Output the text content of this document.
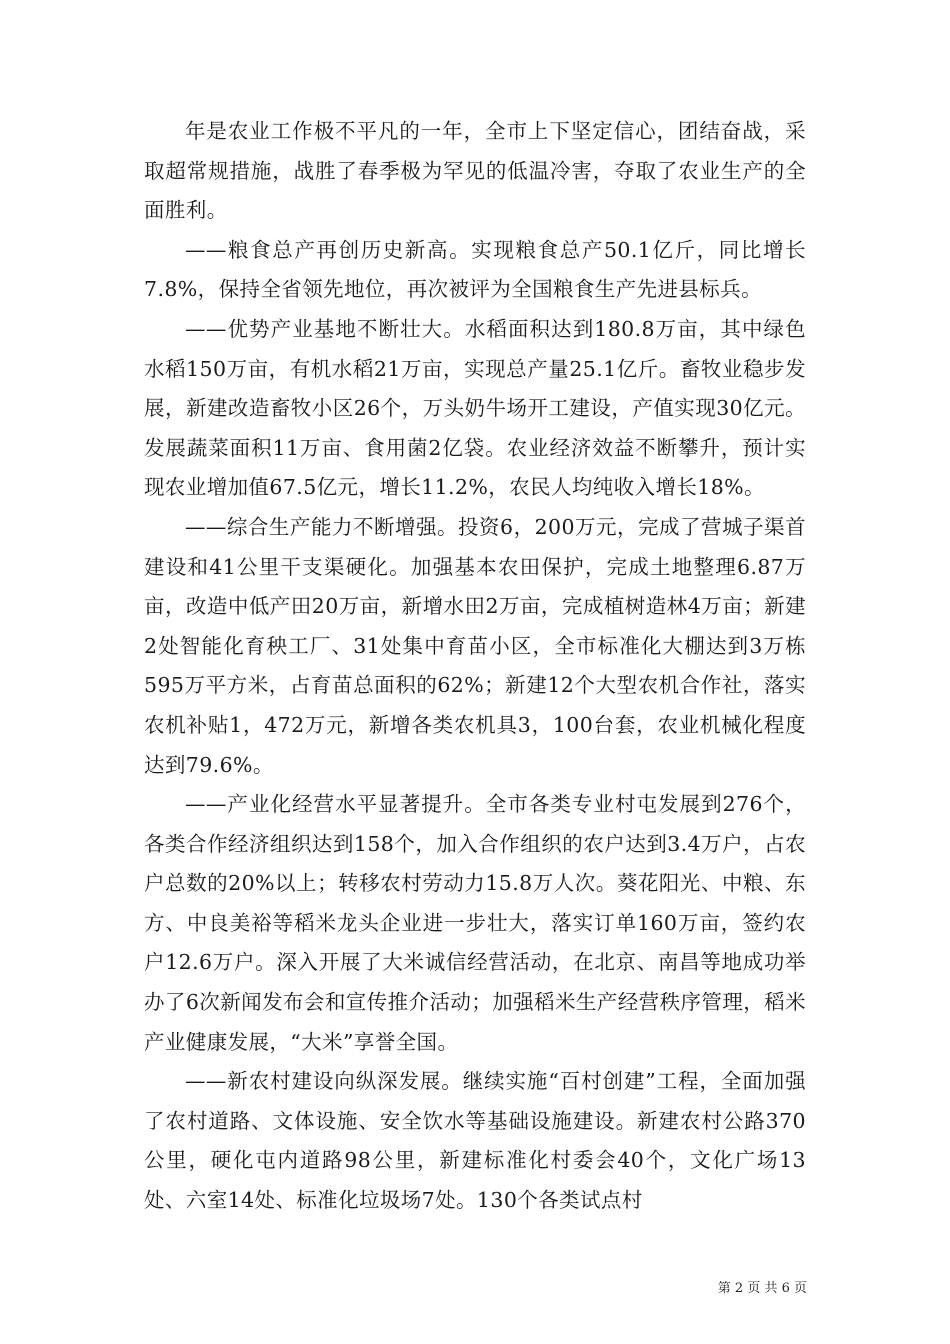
年是农业工作极不平凡的一年，全市上下坚定信心，团结奋战，采取超常规措施，战胜了春季极为罕见的低温冷害，夺取了农业生产的全面胜利。

——粮食总产再创历史新高。实现粮食总产50.1亿斤，同比增长7.8%，保持全省领先地位，再次被评为全国粮食生产先进县标兵。

——优势产业基地不断壮大。水稻面积达到180.8万亩，其中绿色水稻150万亩，有机水稻21万亩，实现总产量25.1亿斤。畜牧业稳步发展，新建改造畜牧小区26个，万头奶牛场开工建设，产值实现30亿元。发展蔬菜面积11万亩、食用菌2亿袋。农业经济效益不断攀升，预计实现农业增加值67.5亿元，增长11.2%，农民人均纯收入增长18%。

——综合生产能力不断增强。投资6，200万元，完成了营城子渠首建设和41公里干支渠硬化。加强基本农田保护，完成土地整理6.87万亩，改造中低产田20万亩，新增水田2万亩，完成植树造林4万亩；新建2处智能化育秧工厂、31处集中育苗小区，全市标准化大棚达到3万栋595万平方米，占育苗总面积的62%；新建12个大型农机合作社，落实农机补贴1，472万元，新增各类农机具3，100台套，农业机械化程度达到79.6%。

——产业化经营水平显著提升。全市各类专业村屯发展到276个，各类合作经济组织达到158个，加入合作组织的农户达到3.4万户，占农户总数的20%以上；转移农村劳动力15.8万人次。葵花阳光、中粮、东方、中良美裕等稻米龙头企业进一步壮大，落实订单160万亩，签约农户12.6万户。深入开展了大米诚信经营活动，在北京、南昌等地成功举办了6次新闻发布会和宣传推介活动；加强稻米生产经营秩序管理，稻米产业健康发展，“大米”享誉全国。

——新农村建设向纵深发展。继续实施“百村创建”工程，全面加强了农村道路、文体设施、安全饮水等基础设施建设。新建农村公路370公里，硬化屯内道路98公里，新建标准化村委会40个，文化广场13处、六室14处、标准化垃圾场7处。130个各类试点村

第 2 页 共 6 页
